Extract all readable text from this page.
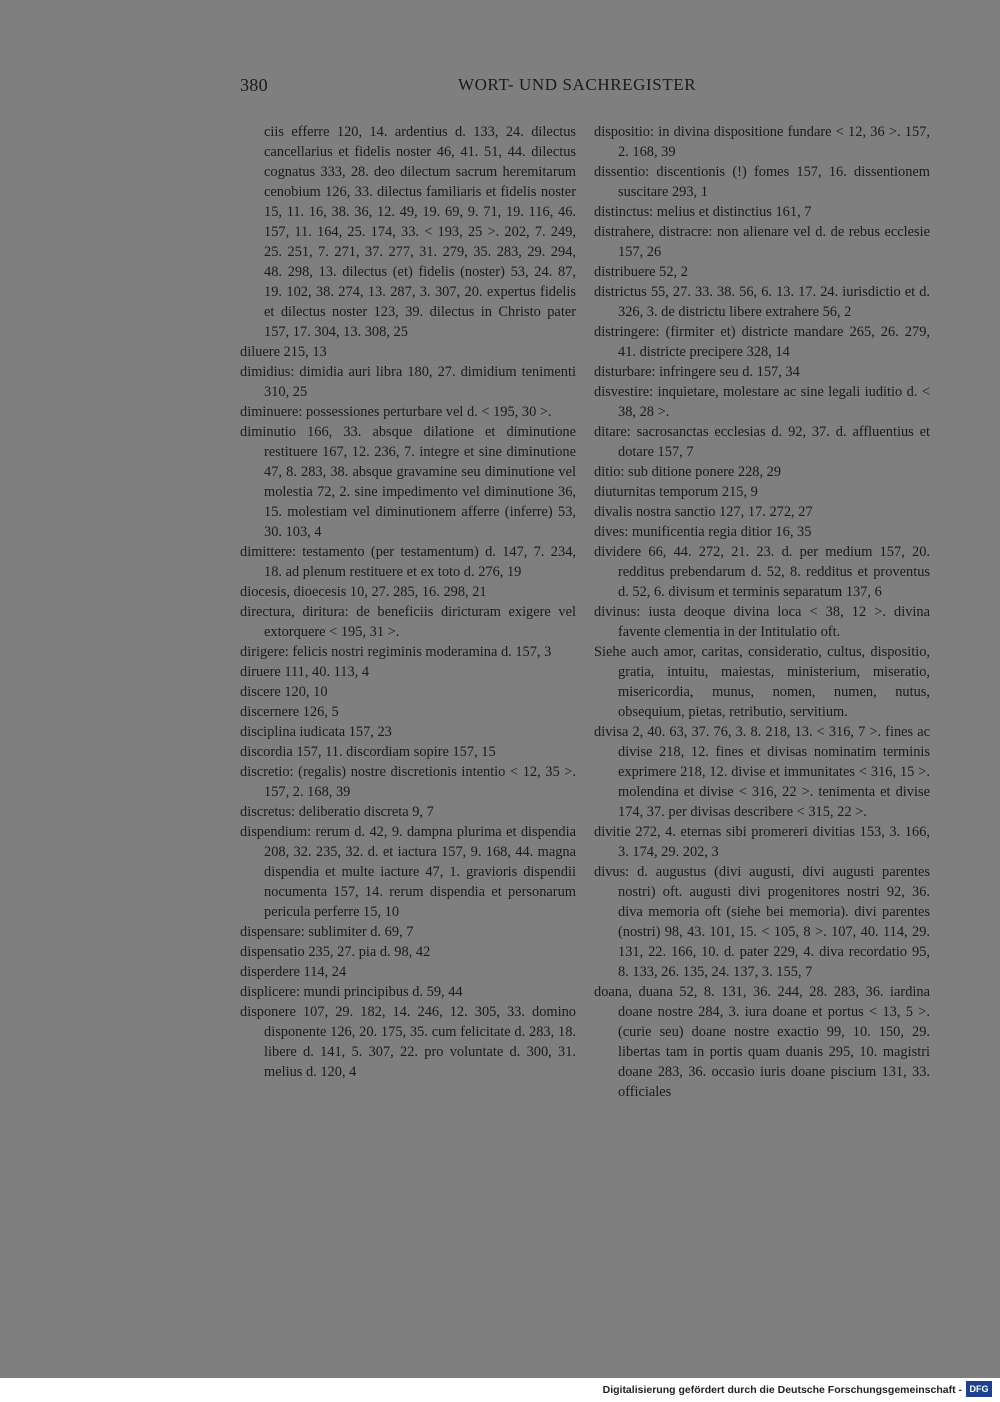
380	WORT- UND SACHREGISTER

ciis efferre 120, 14. ardentius d. 133, 24. dilectus cancellarius et fidelis noster 46, 41. 51, 44. dilectus cognatus 333, 28. deo dilectum sacrum heremitarum cenobium 126, 33. dilectus familiaris et fidelis noster 15, 11. 16, 38. 36, 12. 49, 19. 69, 9. 71, 19. 116, 46. 157, 11. 164, 25. 174, 33. < 193, 25 >. 202, 7. 249, 25. 251, 7. 271, 37. 277, 31. 279, 35. 283, 29. 294, 48. 298, 13. dilectus (et) fidelis (noster) 53, 24. 87, 19. 102, 38. 274, 13. 287, 3. 307, 20. expertus fidelis et dilectus noster 123, 39. dilectus in Christo pater 157, 17. 304, 13. 308, 25

diluere 215, 13

dimidius: dimidia auri libra 180, 27. dimidium tenimenti 310, 25

diminuere: possessiones perturbare vel d. < 195, 30 >.

diminutio 166, 33. absque dilatione et diminutione restituere 167, 12. 236, 7. integre et sine diminutione 47, 8. 283, 38. absque gravamine seu diminutione vel molestia 72, 2. sine impedimento vel diminutione 36, 15. molestiam vel diminutionem afferre (inferre) 53, 30. 103, 4

dimittere: testamento (per testamentum) d. 147, 7. 234, 18. ad plenum restituere et ex toto d. 276, 19

diocesis, dioecesis 10, 27. 285, 16. 298, 21

directura, diritura: de beneficiis diricturam exigere vel extorquere < 195, 31 >.

dirigere: felicis nostri regiminis moderamina d. 157, 3

diruere 111, 40. 113, 4

discere 120, 10

discernere 126, 5

disciplina iudicata 157, 23

discordia 157, 11. discordiam sopire 157, 15

discretio: (regalis) nostre discretionis intentio < 12, 35 >. 157, 2. 168, 39

discretus: deliberatio discreta 9, 7

dispendium: rerum d. 42, 9. dampna plurima et dispendia 208, 32. 235, 32. d. et iactura 157, 9. 168, 44. magna dispendia et multe iacture 47, 1. gravioris dispendii nocumenta 157, 14. rerum dispendia et personarum pericula perferre 15, 10

dispensare: sublimiter d. 69, 7

dispensatio 235, 27. pia d. 98, 42

disperdere 114, 24

displicere: mundi principibus d. 59, 44

disponere 107, 29. 182, 14. 246, 12. 305, 33. domino disponente 126, 20. 175, 35. cum felicitate d. 283, 18. libere d. 141, 5. 307, 22. pro voluntate d. 300, 31. melius d. 120, 4

dispositio: in divina dispositione fundare < 12, 36 >. 157, 2. 168, 39

dissentio: discentionis (!) fomes 157, 16. dissentionem suscitare 293, 1

distinctus: melius et distinctius 161, 7

distrahere, distracre: non alienare vel d. de rebus ecclesie 157, 26

distribuere 52, 2

districtus 55, 27. 33. 38. 56, 6. 13. 17. 24. iurisdictio et d. 326, 3. de districtu libere extrahere 56, 2

distringere: (firmiter et) districte mandare 265, 26. 279, 41. districte precipere 328, 14

disturbare: infringere seu d. 157, 34

disvestire: inquietare, molestare ac sine legali iuditio d. < 38, 28 >.

ditare: sacrosanctas ecclesias d. 92, 37. d. affluentius et dotare 157, 7

ditio: sub ditione ponere 228, 29

diuturnitas temporum 215, 9

divalis nostra sanctio 127, 17. 272, 27

dives: munificentia regia ditior 16, 35

dividere 66, 44. 272, 21. 23. d. per medium 157, 20. redditus prebendarum d. 52, 8. redditus et proventus d. 52, 6. divisum et terminis separatum 137, 6

divinus: iusta deoque divina loca < 38, 12 >. divina favente clementia in der Intitulatio oft.

Siehe auch amor, caritas, consideratio, cultus, dispositio, gratia, intuitu, maiestas, ministerium, miseratio, misericordia, munus, nomen, numen, nutus, obsequium, pietas, retributio, servitium.

divisa 2, 40. 63, 37. 76, 3. 8. 218, 13. < 316, 7 >. fines ac divise 218, 12. fines et divisas nominatim terminis exprimere 218, 12. divise et immunitates < 316, 15 >. molendina et divise < 316, 22 >. tenimenta et divise 174, 37. per divisas describere < 315, 22 >.

divitie 272, 4. eternas sibi promereri divitias 153, 3. 166, 3. 174, 29. 202, 3

divus: d. augustus (divi augusti, divi augusti parentes nostri) oft. augusti divi progenitores nostri 92, 36. diva memoria oft (siehe bei memoria). divi parentes (nostri) 98, 43. 101, 15. < 105, 8 >. 107, 40. 114, 29. 131, 22. 166, 10. d. pater 229, 4. diva recordatio 95, 8. 133, 26. 135, 24. 137, 3. 155, 7

doana, duana 52, 8. 131, 36. 244, 28. 283, 36. iardina doane nostre 284, 3. iura doane et portus < 13, 5 >. (curie seu) doane nostre exactio 99, 10. 150, 29. libertas tam in portis quam duanis 295, 10. magistri doane 283, 36. occasio iuris doane piscium 131, 33. officiales

Digitalisierung gefördert durch die Deutsche Forschungsgemeinschaft - DFG
